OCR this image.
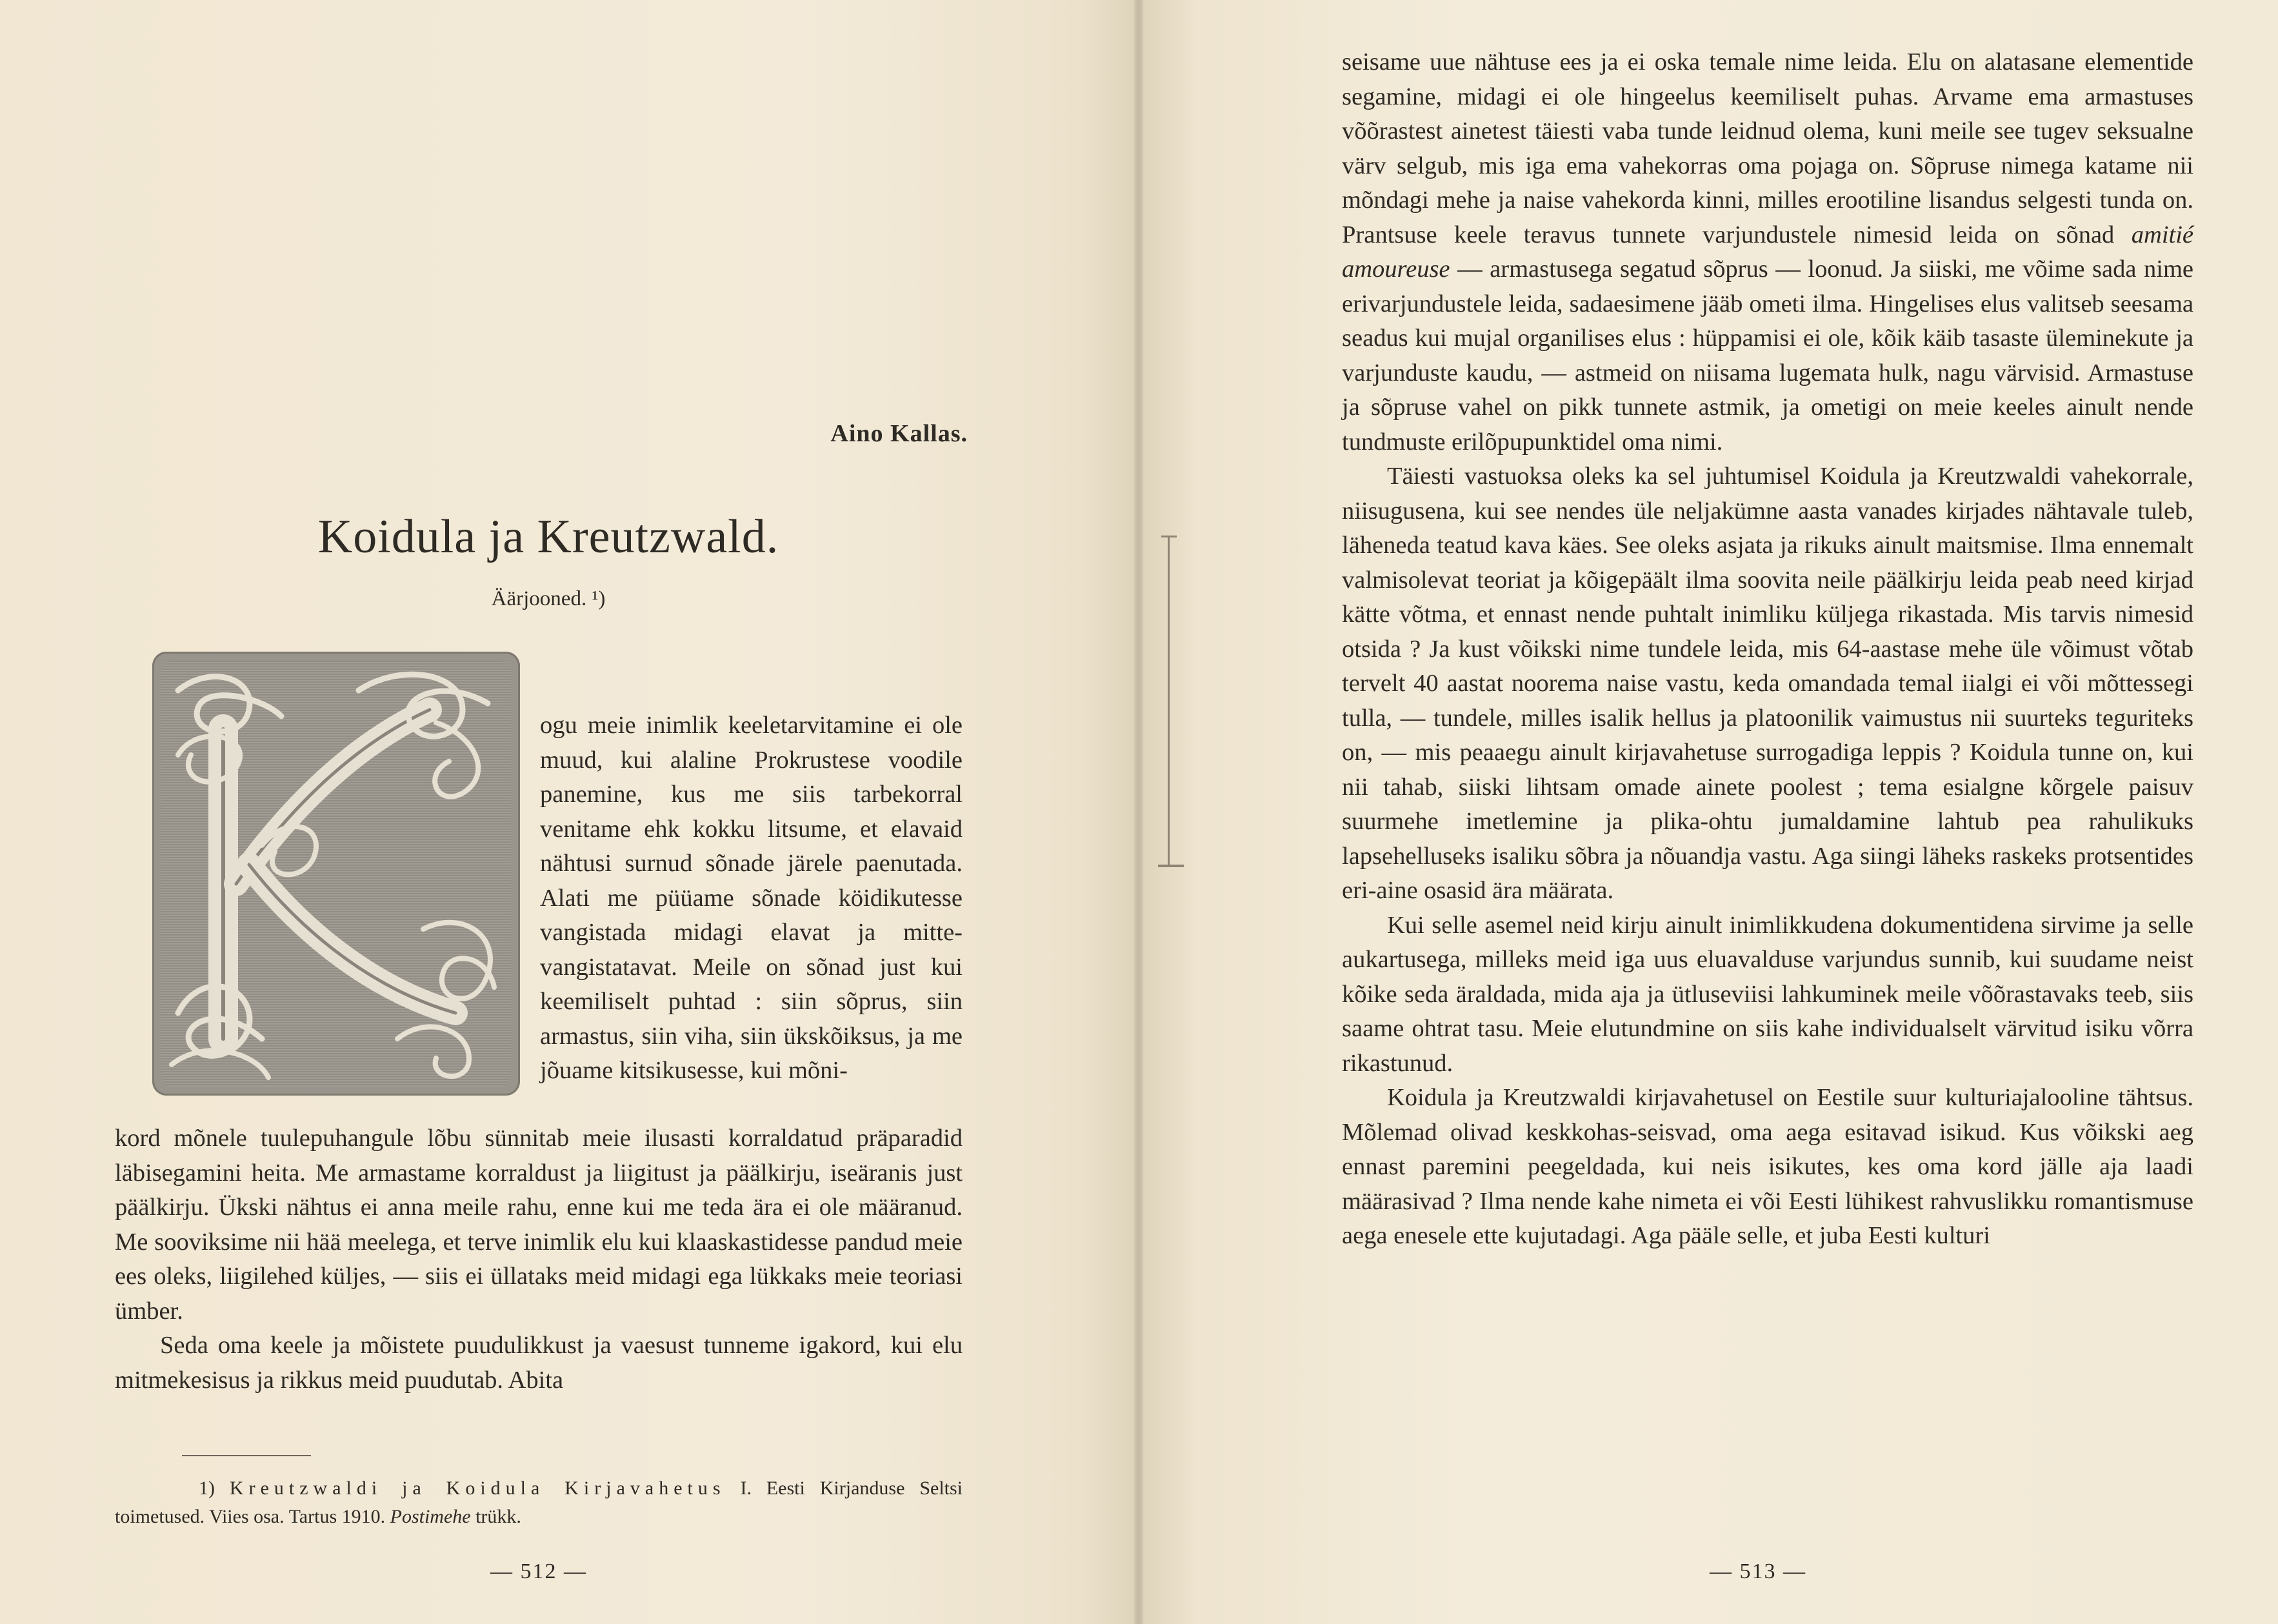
Aino Kallas.
Koidula ja Kreutzwald.
Äärjooned. ¹)

ogu meie inimlik keeletarvitamine ei ole muud, kui alaline Prokrustese voodile panemine, kus me siis tarbekorral venitame ehk kokku litsume, et elavaid nähtusi surnud sõnade järele paenutada. Alati me püüame sõnade köidikutesse vangistada midagi elavat ja mitte-vangistatavat. Meile on sõnad just kui keemiliselt puhtad : siin sõprus, siin armastus, siin viha, siin ükskõiksus, ja me jõuame kitsikusesse, kui mõni-

kord mõnele tuulepuhangule lõbu sünnitab meie ilusasti korraldatud präparadid läbisegamini heita. Me armastame korraldust ja liigitust ja päälkirju, iseäranis just päälkirju. Ükski nähtus ei anna meile rahu, enne kui me teda ära ei ole määranud. Me sooviksime nii hää meelega, et terve inimlik elu kui klaaskastidesse pandud meie ees oleks, liigilehed küljes, — siis ei üllataks meid midagi ega lükkaks meie teoriasi ümber.

Seda oma keele ja mõistete puudulikkust ja vaesust tunneme igakord, kui elu mitmekesisus ja rikkus meid puudutab. Abita

1) Kreutzwaldi ja Koidula Kirjavahetus I. Eesti Kirjanduse Seltsi toimetused. Viies osa. Tartus 1910. Postimehe trükk.
— 512 —

seisame uue nähtuse ees ja ei oska temale nime leida. Elu on alatasane elementide segamine, midagi ei ole hingeelus keemiliselt puhas. Arvame ema armastuses võõrastest ainetest täiesti vaba tunde leidnud olema, kuni meile see tugev seksualne värv selgub, mis iga ema vahekorras oma pojaga on. Sõpruse nimega katame nii mõndagi mehe ja naise vahekorda kinni, milles erootiline lisandus selgesti tunda on. Prantsuse keele teravus tunnete varjundustele nimesid leida on sõnad amitié amoureuse — armastusega segatud sõprus — loonud. Ja siiski, me võime sada nime erivarjundustele leida, sadaesimene jääb ometi ilma. Hingelises elus valitseb seesama seadus kui mujal organilises elus : hüppamisi ei ole, kõik käib tasaste üleminekute ja varjunduste kaudu, — astmeid on niisama lugemata hulk, nagu värvisid. Armastuse ja sõpruse vahel on pikk tunnete astmik, ja ometigi on meie keeles ainult nende tundmuste erilõpupunktidel oma nimi.

Täiesti vastuoksa oleks ka sel juhtumisel Koidula ja Kreutzwaldi vahekorrale, niisugusena, kui see nendes üle neljakümne aasta vanades kirjades nähtavale tuleb, läheneda teatud kava käes. See oleks asjata ja rikuks ainult maitsmise. Ilma ennemalt valmisolevat teoriat ja kõigepäält ilma soovita neile päälkirju leida peab need kirjad kätte võtma, et ennast nende puhtalt inimliku küljega rikastada. Mis tarvis nimesid otsida ? Ja kust võikski nime tundele leida, mis 64-aastase mehe üle võimust võtab tervelt 40 aastat noorema naise vastu, keda omandada temal iialgi ei või mõttessegi tulla, — tundele, milles isalik hellus ja platoonilik vaimustus nii suurteks teguriteks on, — mis peaaegu ainult kirjavahetuse surrogadiga leppis ? Koidula tunne on, kui nii tahab, siiski lihtsam omade ainete poolest ; tema esialgne kõrgele paisuv suurmehe imetlemine ja plika-ohtu jumaldamine lahtub pea rahulikuks lapsehelluseks isaliku sõbra ja nõuandja vastu. Aga siingi läheks raskeks protsentides eri-aine osasid ära määrata.

Kui selle asemel neid kirju ainult inimlikkudena dokumentidena sirvime ja selle aukartusega, milleks meid iga uus eluavalduse varjundus sunnib, kui suudame neist kõike seda äraldada, mida aja ja ütluseviisi lahkuminek meile võõrastavaks teeb, siis saame ohtrat tasu. Meie elutundmine on siis kahe individualselt värvitud isiku võrra rikastunud.

Koidula ja Kreutzwaldi kirjavahetusel on Eestile suur kulturiajalooline tähtsus. Mõlemad olivad keskkohas-seisvad, oma aega esitavad isikud. Kus võikski aeg ennast paremini peegeldada, kui neis isikutes, kes oma kord jälle aja laadi määrasivad ? Ilma nende kahe nimeta ei või Eesti lühikest rahvuslikku romantismuse aega enesele ette kujutadagi. Aga pääle selle, et juba Eesti kulturi

— 513 —
